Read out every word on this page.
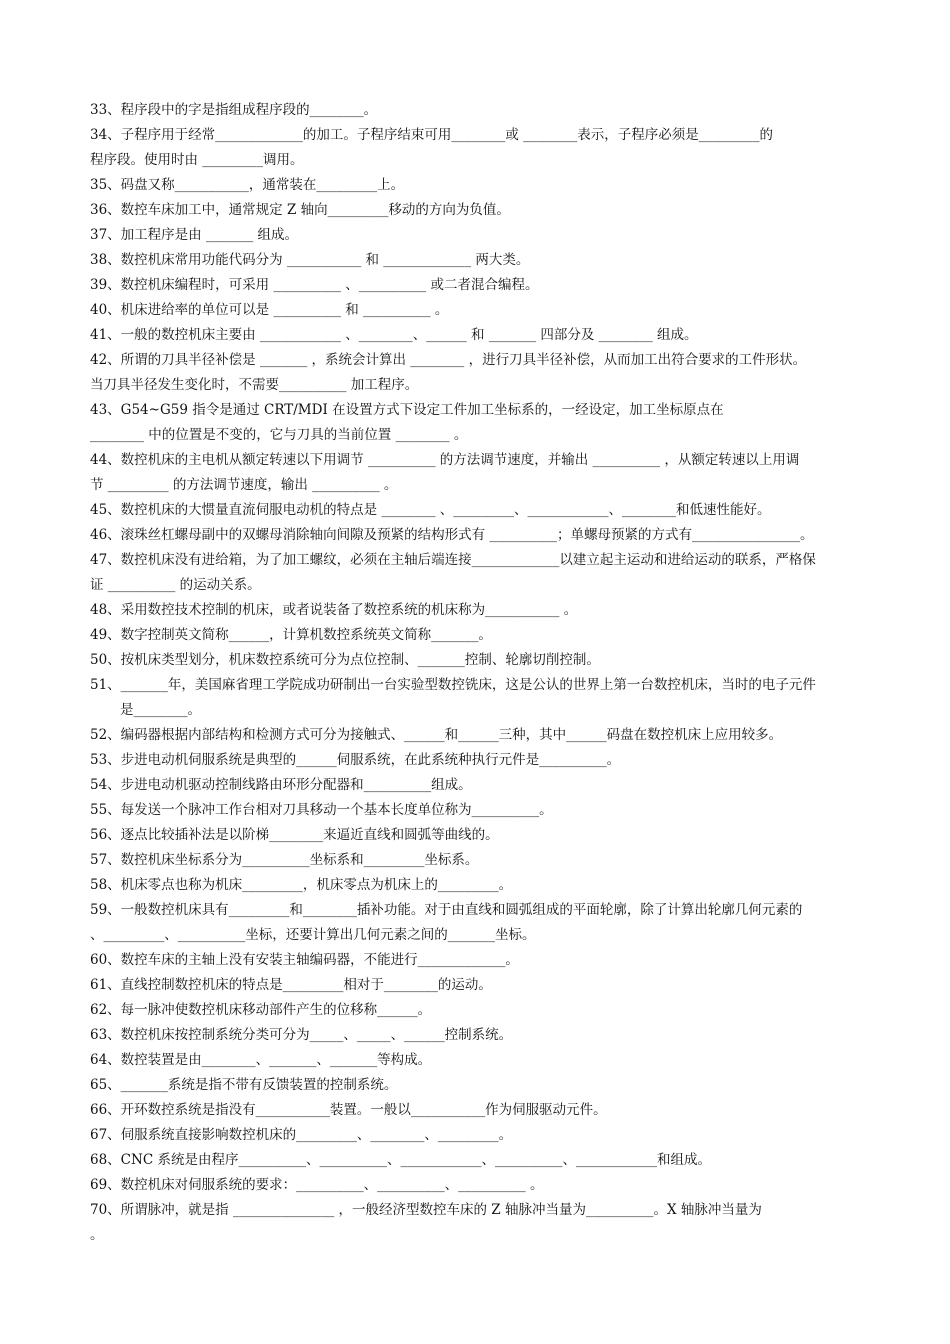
33、程序段中的字是指组成程序段的________。
34、子程序用于经常_____________的加工。子程序结束可用________或 ________表示，子程序必须是_________的
程序段。使用时由 _________调用。
35、码盘又称___________，通常装在_________上。
36、数控车床加工中，通常规定 Z 轴向_________移动的方向为负值。
37、加工程序是由 _______ 组成。
38、数控机床常用功能代码分为 ___________ 和 _____________ 两大类。
39、数控机床编程时，可采用 __________ 、__________ 或二者混合编程。
40、机床进给率的单位可以是 __________ 和 __________ 。
41、一般的数控机床主要由 ____________ 、________、______ 和 _______ 四部分及 ________ 组成。
42、所谓的刀具半径补偿是 _______ ，系统会计算出 ________ ，进行刀具半径补偿，从而加工出符合要求的工件形状。
当刀具半径发生变化时，不需要__________ 加工程序。
43、G54~G59 指令是通过 CRT/MDI 在设置方式下设定工件加工坐标系的，一经设定，加工坐标原点在
________ 中的位置是不变的，它与刀具的当前位置 ________ 。
44、数控机床的主电机从额定转速以下用调节 __________ 的方法调节速度，并输出 __________ ，从额定转速以上用调
节 _________ 的方法调节速度，输出 __________ 。
45、数控机床的大惯量直流伺服电动机的特点是 ________ 、_________、____________、________和低速性能好。
46、滚珠丝杠螺母副中的双螺母消除轴向间隙及预紧的结构形式有 __________；单螺母预紧的方式有________________。
47、数控机床没有进给箱，为了加工螺纹，必须在主轴后端连接_____________以建立起主运动和进给运动的联系，严格保
证 __________ 的运动关系。
48、采用数控技术控制的机床，或者说装备了数控系统的机床称为___________ 。
49、数字控制英文简称______，计算机数控系统英文简称_______。
50、按机床类型划分，机床数控系统可分为点位控制、_______控制、轮廓切削控制。
51、_______年，美国麻省理工学院成功研制出一台实验型数控铣床，这是公认的世界上第一台数控机床，当时的电子元件
是________。
52、编码器根据内部结构和检测方式可分为接触式、______和______三种，其中______码盘在数控机床上应用较多。
53、步进电动机伺服系统是典型的______伺服系统，在此系统种执行元件是__________。
54、步进电动机驱动控制线路由环形分配器和__________组成。
55、每发送一个脉冲工作台相对刀具移动一个基本长度单位称为__________。
56、逐点比较插补法是以阶梯________来逼近直线和圆弧等曲线的。
57、数控机床坐标系分为__________坐标系和_________坐标系。
58、机床零点也称为机床_________，机床零点为机床上的_________。
59、一般数控机床具有_________和________插补功能。对于由直线和圆弧组成的平面轮廓，除了计算出轮廓几何元素的
、_________、__________坐标，还要计算出几何元素之间的_______坐标。
60、数控车床的主轴上没有安装主轴编码器，不能进行_____________。
61、直线控制数控机床的特点是_________相对于________的运动。
62、每一脉冲使数控机床移动部件产生的位移称______。
63、数控机床按控制系统分类可分为_____、_____、______控制系统。
64、数控装置是由________、_______、_______等构成。
65、_______系统是指不带有反馈装置的控制系统。
66、开环数控系统是指没有___________装置。一般以___________作为伺服驱动元件。
67、伺服系统直接影响数控机床的_________、________、_________。
68、CNC 系统是由程序__________、__________、____________、__________、____________和组成。
69、数控机床对伺服系统的要求：__________、__________、__________ 。
70、所谓脉冲，就是指 _______________ ，一般经济型数控车床的 Z 轴脉冲当量为__________。X 轴脉冲当量为
。
